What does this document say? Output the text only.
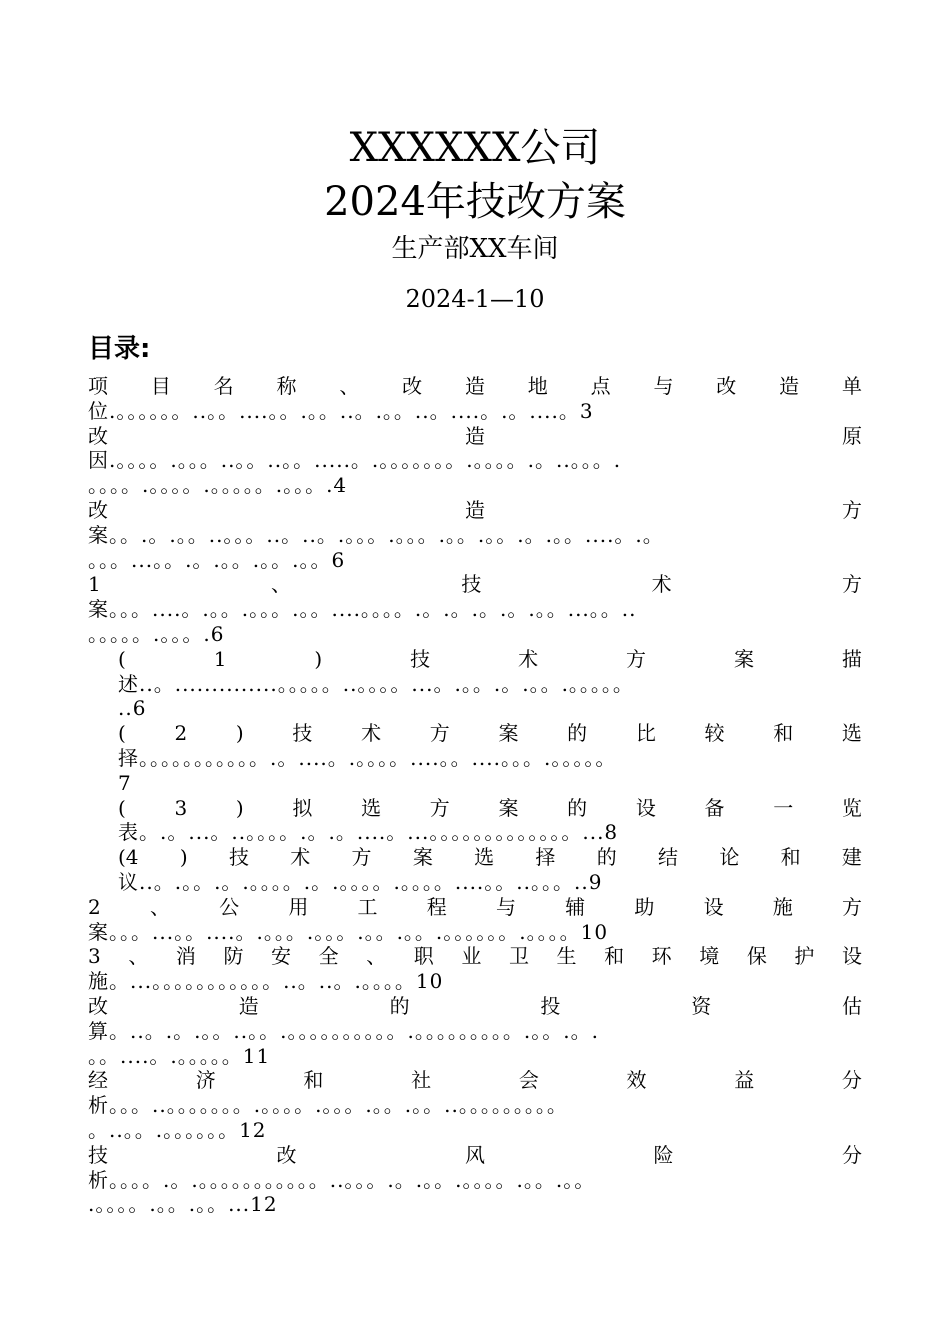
XXXXXX公司
2024年技改方案
生产部XX车间
2024-1—10
目录:
项 目 名 称 、 改 造 地 点 与 改 造 单
位.。。。。。。..。。....。。.。。..。.。。..。....。.。....。3
改	造	原
因.。。。。.。。。..。。..。。.....。.。。。。。。。.。。。。.。..。。。.
。。。。.。。。。.。。。。。.。。。.4
改	造	方
案。。.。.。。..。。。..。..。.。。。.。。。.。。.。。.。.。。....。.。
。。。...。。.。.。。.。。.。。6
1	、	技	术	方
案。。。....。.。。.。。。.。。....。。。。.。.。.。.。.。。...。。..
。。。。。.。。。.6
(	1	)	技	术	方	案	描
述..。..............。。。。。..。。。。...。.。。.。.。。.。。。。。
..6
( 2 ) 技 术 方 案 的 比 较 和 选
择。。。。。。。。。。。.。....。.。。。。....。。....。。。.。。。。。
7
( 3 ) 拟 选 方 案 的 设 备 一 览
表。.。...。..。。。。.。.。....。...。。。。。。。。。。。。。...8
(4 ) 技 术 方 案 选 择 的 结 论 和 建
议..。.。。.。.。。。。.。.。。。。.。。。。....。。..。。。..9
2 、 公 用 工 程 与 辅 助 设 施 方
案。。。...。。....。.。。。.。。。.。。.。。.。。。。。。.。。。。10
3 、 消 防 安 全 、 职 业 卫 生 和 环 境 保 护 设
施。...。。。。。。。。。。。..。..。.。。。。10
改	造	的	投	资	估
算。..。.。.。。..。。.。。。。。。。。。。.。。。。。。。。。.。。.。.
。。....。.。。。。。11
经	济	和	社	会	效	益	分
析。。。..。。。。。。。.。。。。.。。。.。。.。。..。。。。。。。。。
。..。。.。。。。。。12
技	改	风	险	分
析。。。。.。.。。。。。。。。。。。..。。。.。.。。.。。。。.。。.。。
.。。。。.。。.。。...12
